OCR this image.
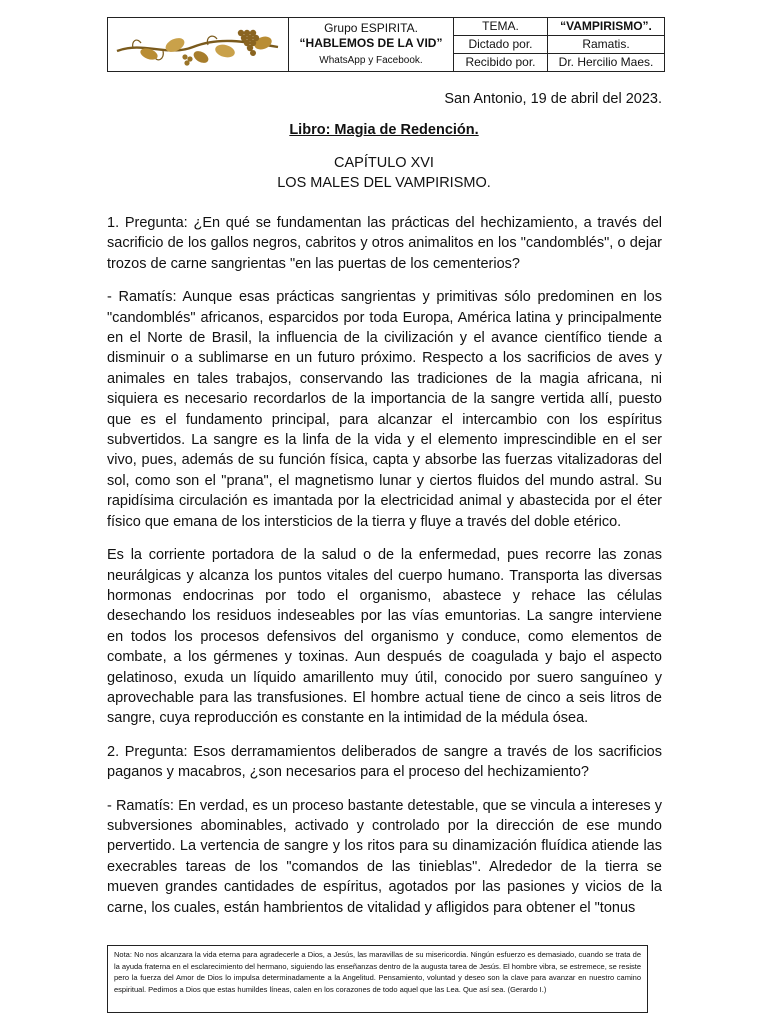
Grupo ESPIRITA.
“HABLEMOS DE LA VID”
WhatsApp y Facebook.	TEMA.	“VAMPIRISMO”.
		Dictado por.	Ramatis.
		Recibido por.	Dr. Hercilio Maes.
San Antonio, 19 de abril del 2023.
Libro: Magia de Redención.
CAPÍTULO XVI
LOS MALES DEL VAMPIRISMO.

1. Pregunta: ¿En qué se fundamentan las prácticas del hechizamiento, a través del sacrificio de los gallos negros, cabritos y otros animalitos en los "candomblés", o dejar trozos de carne sangrientas "en las puertas de los cementerios?

- Ramatís: Aunque esas prácticas sangrientas y primitivas sólo predominen en los "candomblés" africanos, esparcidos por toda Europa, América latina y principalmente en el Norte de Brasil, la influencia de la civilización y el avance científico tiende a disminuir o a sublimarse en un futuro próximo. Respecto a los sacrificios de aves y animales en tales trabajos, conservando las tradiciones de la magia africana, ni siquiera es necesario recordarlos de la importancia de la sangre vertida allí, puesto que es el fundamento principal, para alcanzar el intercambio con los espíritus subvertidos. La sangre es la linfa de la vida y el elemento imprescindible en el ser vivo, pues, además de su función física, capta y absorbe las fuerzas vitalizadoras del sol, como son el "prana", el magnetismo lunar y ciertos fluidos del mundo astral. Su rapidísima circulación es imantada por la electricidad animal y abastecida por el éter físico que emana de los intersticios de la tierra y fluye a través del doble etérico.

Es la corriente portadora de la salud o de la enfermedad, pues recorre las zonas neurálgicas y alcanza los puntos vitales del cuerpo humano. Transporta las diversas hormonas endocrinas por todo el organismo, abastece y rehace las células desechando los residuos indeseables por las vías emuntorias. La sangre interviene en todos los procesos defensivos del organismo y conduce, como elementos de combate, a los gérmenes y toxinas. Aun después de coagulada y bajo el aspecto gelatinoso, exuda un líquido amarillento muy útil, conocido por suero sanguíneo y aprovechable para las transfusiones. El hombre actual tiene de cinco a seis litros de sangre, cuya reproducción es constante en la intimidad de la médula ósea.

2. Pregunta: Esos derramamientos deliberados de sangre a través de los sacrificios paganos y macabros, ¿son necesarios para el proceso del hechizamiento?

- Ramatís: En verdad, es un proceso bastante detestable, que se vincula a intereses y subversiones abominables, activado y controlado por la dirección de ese mundo pervertido. La vertencia de sangre y los ritos para su dinamización fluídica atiende las execrables tareas de los "comandos de las tinieblas". Alrededor de la tierra se mueven grandes cantidades de espíritus, agotados por las pasiones y vicios de la carne, los cuales, están hambrientos de vitalidad y afligidos para obtener el "tonus

Nota: No nos alcanzara la vida eterna para agradecerle a Dios, a Jesús, las maravillas de su misericordia. Ningún esfuerzo es demasiado, cuando se trata de la ayuda fraterna en el esclarecimiento del hermano, siguiendo las enseñanzas dentro de la augusta tarea de Jesús. El hombre vibra, se estremece, se resiste pero la fuerza del Amor de Dios lo impulsa determinadamente a la Angelitud. Pensamiento, voluntad y deseo son la clave para avanzar en nuestro camino espiritual. Pedimos a Dios que estas humildes líneas, calen en los corazones de todo aquel que las Lea. Que así sea. (Gerardo I.)
